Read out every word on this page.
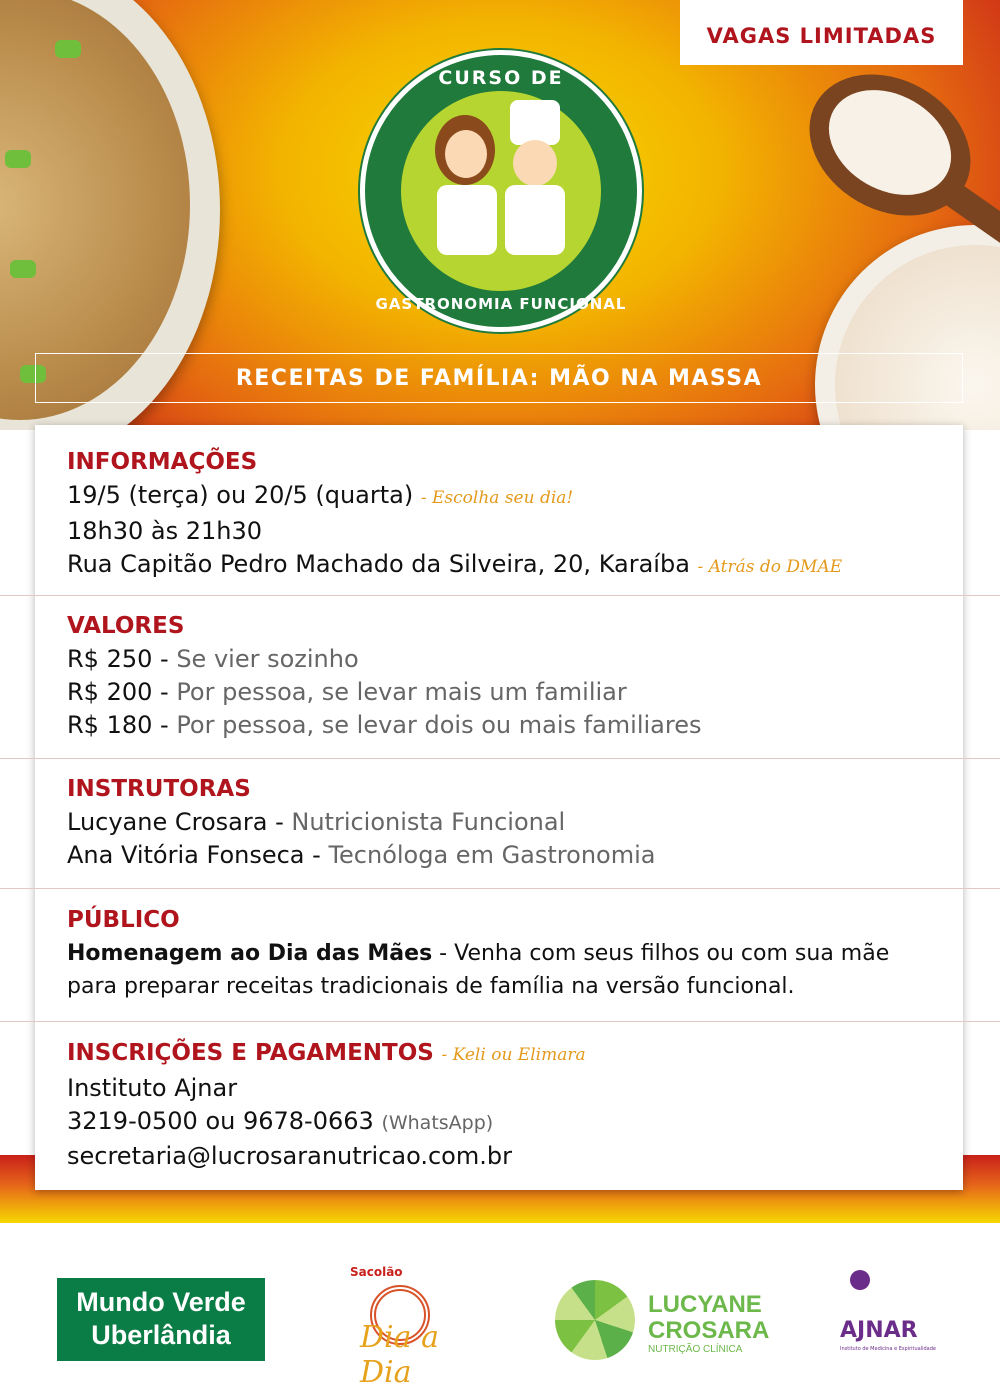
CURSO DE
GASTRONOMIA FUNCIONAL
VAGAS LIMITADAS
RECEITAS DE FAMÍLIA: MÃO NA MASSA
INFORMAÇÕES
19/5 (terça) ou 20/5 (quarta) - Escolha seu dia!
18h30 às 21h30
Rua Capitão Pedro Machado da Silveira, 20, Karaíba - Atrás do DMAE
VALORES
R$ 250 - Se vier sozinho
R$ 200 - Por pessoa, se levar mais um familiar
R$ 180 - Por pessoa, se levar dois ou mais familiares
INSTRUTORAS
Lucyane Crosara - Nutricionista Funcional
Ana Vitória Fonseca - Tecnóloga em Gastronomia
PÚBLICO
Homenagem ao Dia das Mães - Venha com seus filhos ou com sua mãe
para preparar receitas tradicionais de família na versão funcional.
INSCRIÇÕES E PAGAMENTOS - Keli ou Elimara
Instituto Ajnar
3219-0500 ou 9678-0663 (WhatsApp)
secretaria@lucrosaranutricao.com.br
Mundo Verde
Uberlândia
Sacolão
Dia a Dia
LUCYANE
CROSARA
NUTRIÇÃO CLÍNICA
AJNAR
Instituto de Medicina e Espiritualidade
